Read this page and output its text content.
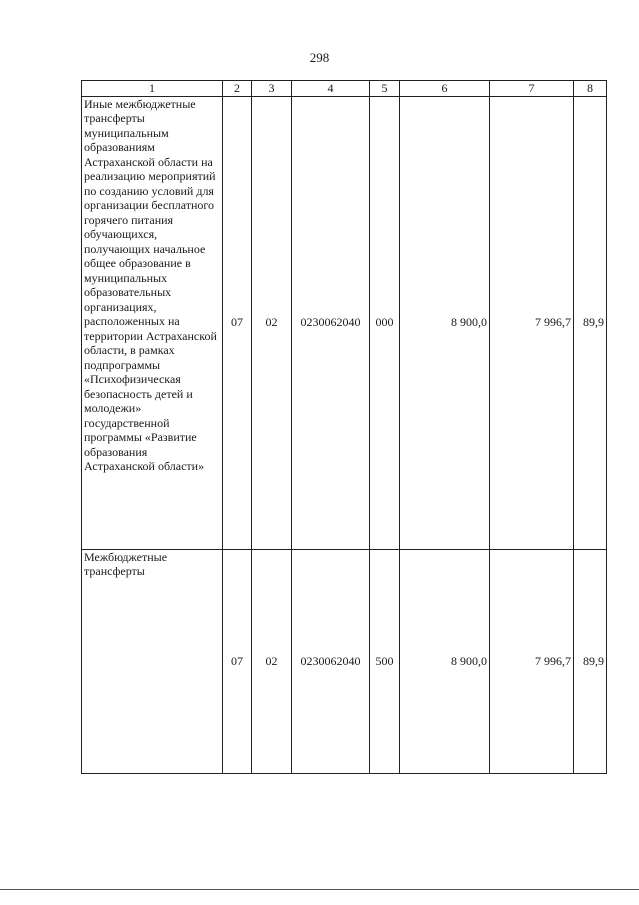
298
1	2	3	4	5	6	7	8
Иные межбюджетные трансферты муниципальным образованиям Астраханской области на реализацию мероприятий по созданию условий для организации бесплатного горячего питания обучающихся, получающих начальное общее образование в муниципальных образовательных организациях, расположенных на территории Астраханской области, в рамках подпрограммы «Психофизическая безопасность детей и молодежи» государственной программы «Развитие образования Астраханской области»	07	02	0230062040	000	8 900,0	7 996,7	89,9
Межбюджетные трансферты	07	02	0230062040	500	8 900,0	7 996,7	89,9
